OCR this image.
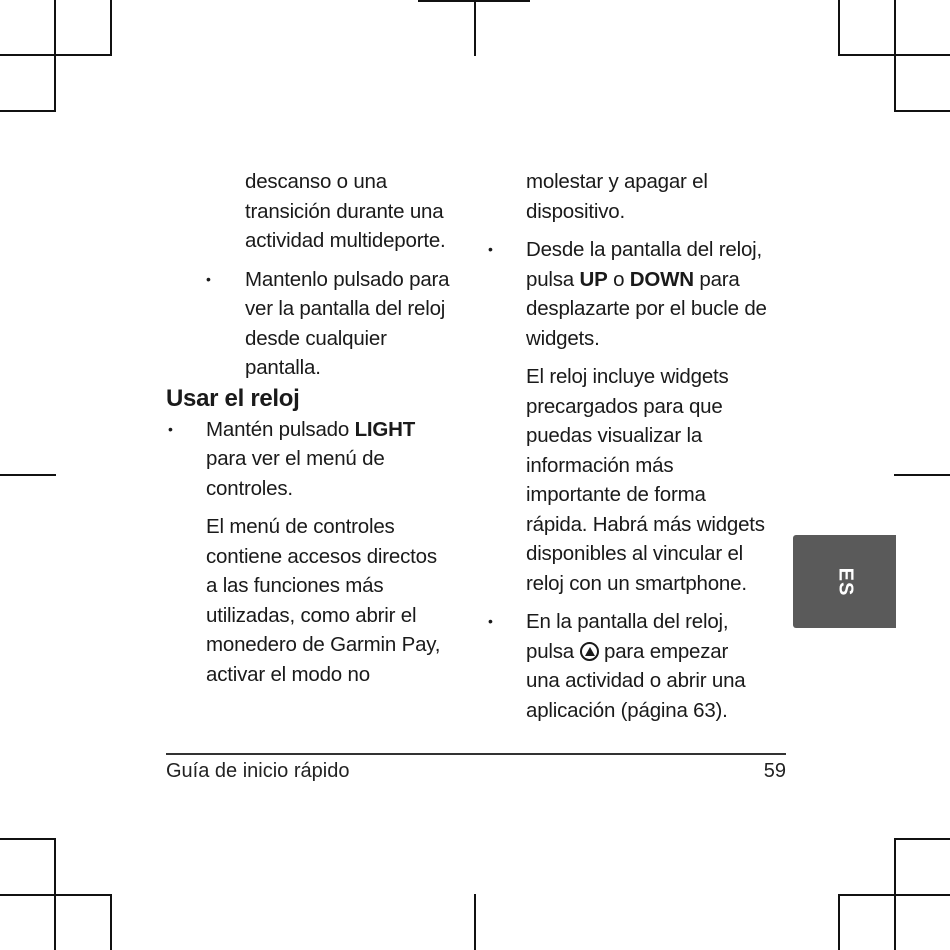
descanso o una

transición durante una

actividad multideporte.

• Mantenlo pulsado para

ver la pantalla del reloj

desde cualquier

pantalla.

Usar el reloj

• Mantén pulsado LIGHT

para ver el menú de

controles.

El menú de controles

contiene accesos directos

a las funciones más

utilizadas, como abrir el

monedero de Garmin Pay,

activar el modo no

molestar y apagar el

dispositivo.

• Desde la pantalla del reloj,

pulsa UP o DOWN para

desplazarte por el bucle de

widgets.

El reloj incluye widgets

precargados para que

puedas visualizar la

información más

importante de forma

rápida. Habrá más widgets

disponibles al vincular el

reloj con un smartphone.

• En la pantalla del reloj,

pulsa  para empezar

una actividad o abrir una

aplicación (página 63).

ES
Guía de inicio rápido	59
